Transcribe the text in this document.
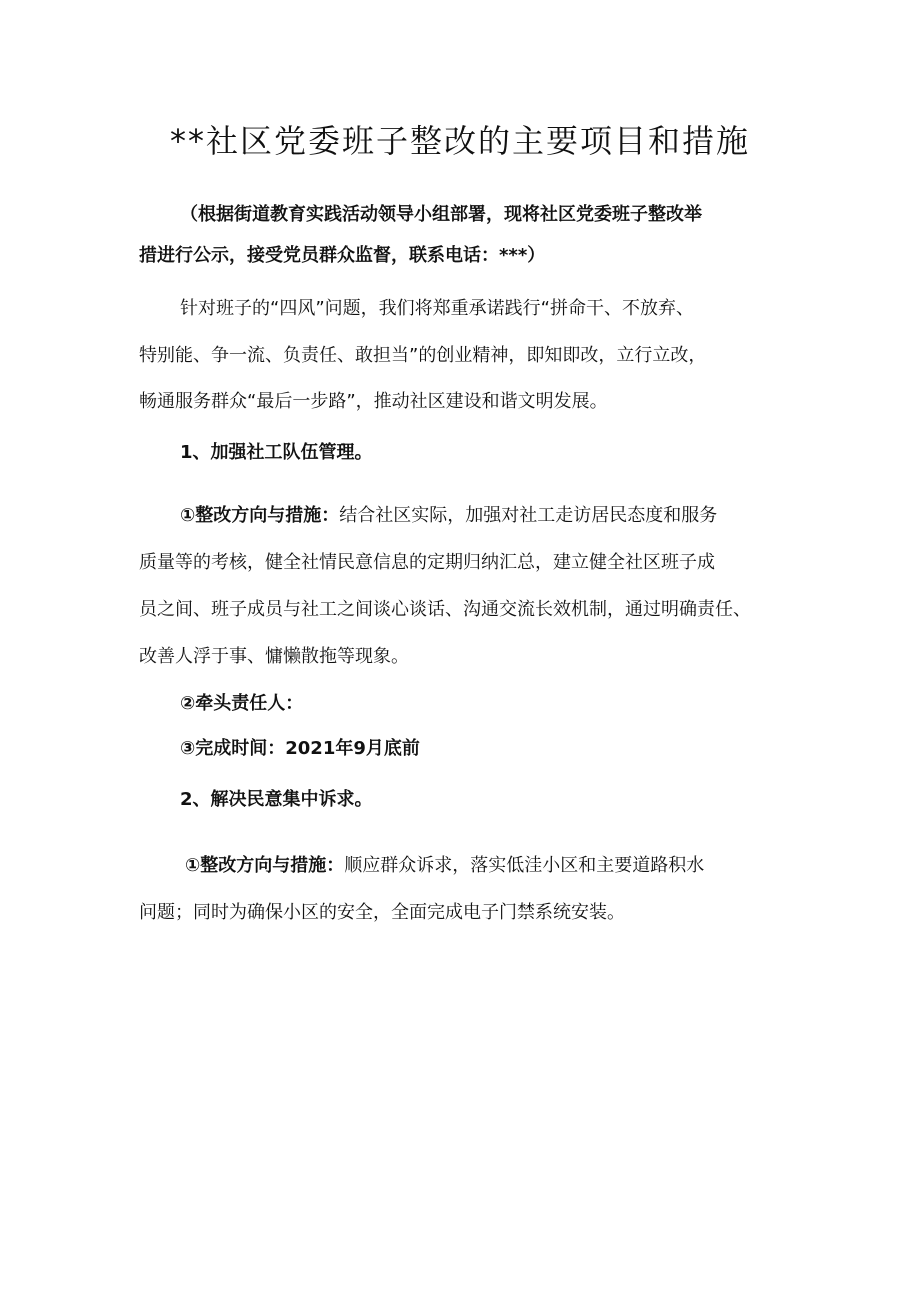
**社区党委班子整改的主要项目和措施
（根据街道教育实践活动领导小组部署，现将社区党委班子整改举
措进行公示，接受党员群众监督，联系电话：***）
针对班子的“四风”问题，我们将郑重承诺践行“拼命干、不放弃、
特别能、争一流、负责任、敢担当”的创业精神，即知即改，立行立改，
畅通服务群众“最后一步路”，推动社区建设和谐文明发展。
1、加强社工队伍管理。
①整改方向与措施：结合社区实际，加强对社工走访居民态度和服务
质量等的考核，健全社情民意信息的定期归纳汇总，建立健全社区班子成
员之间、班子成员与社工之间谈心谈话、沟通交流长效机制，通过明确责任、
改善人浮于事、慵懒散拖等现象。
②牵头责任人：
③完成时间：2021年9月底前
2、解决民意集中诉求。
①整改方向与措施：顺应群众诉求，落实低洼小区和主要道路积水
问题；同时为确保小区的安全，全面完成电子门禁系统安装。
